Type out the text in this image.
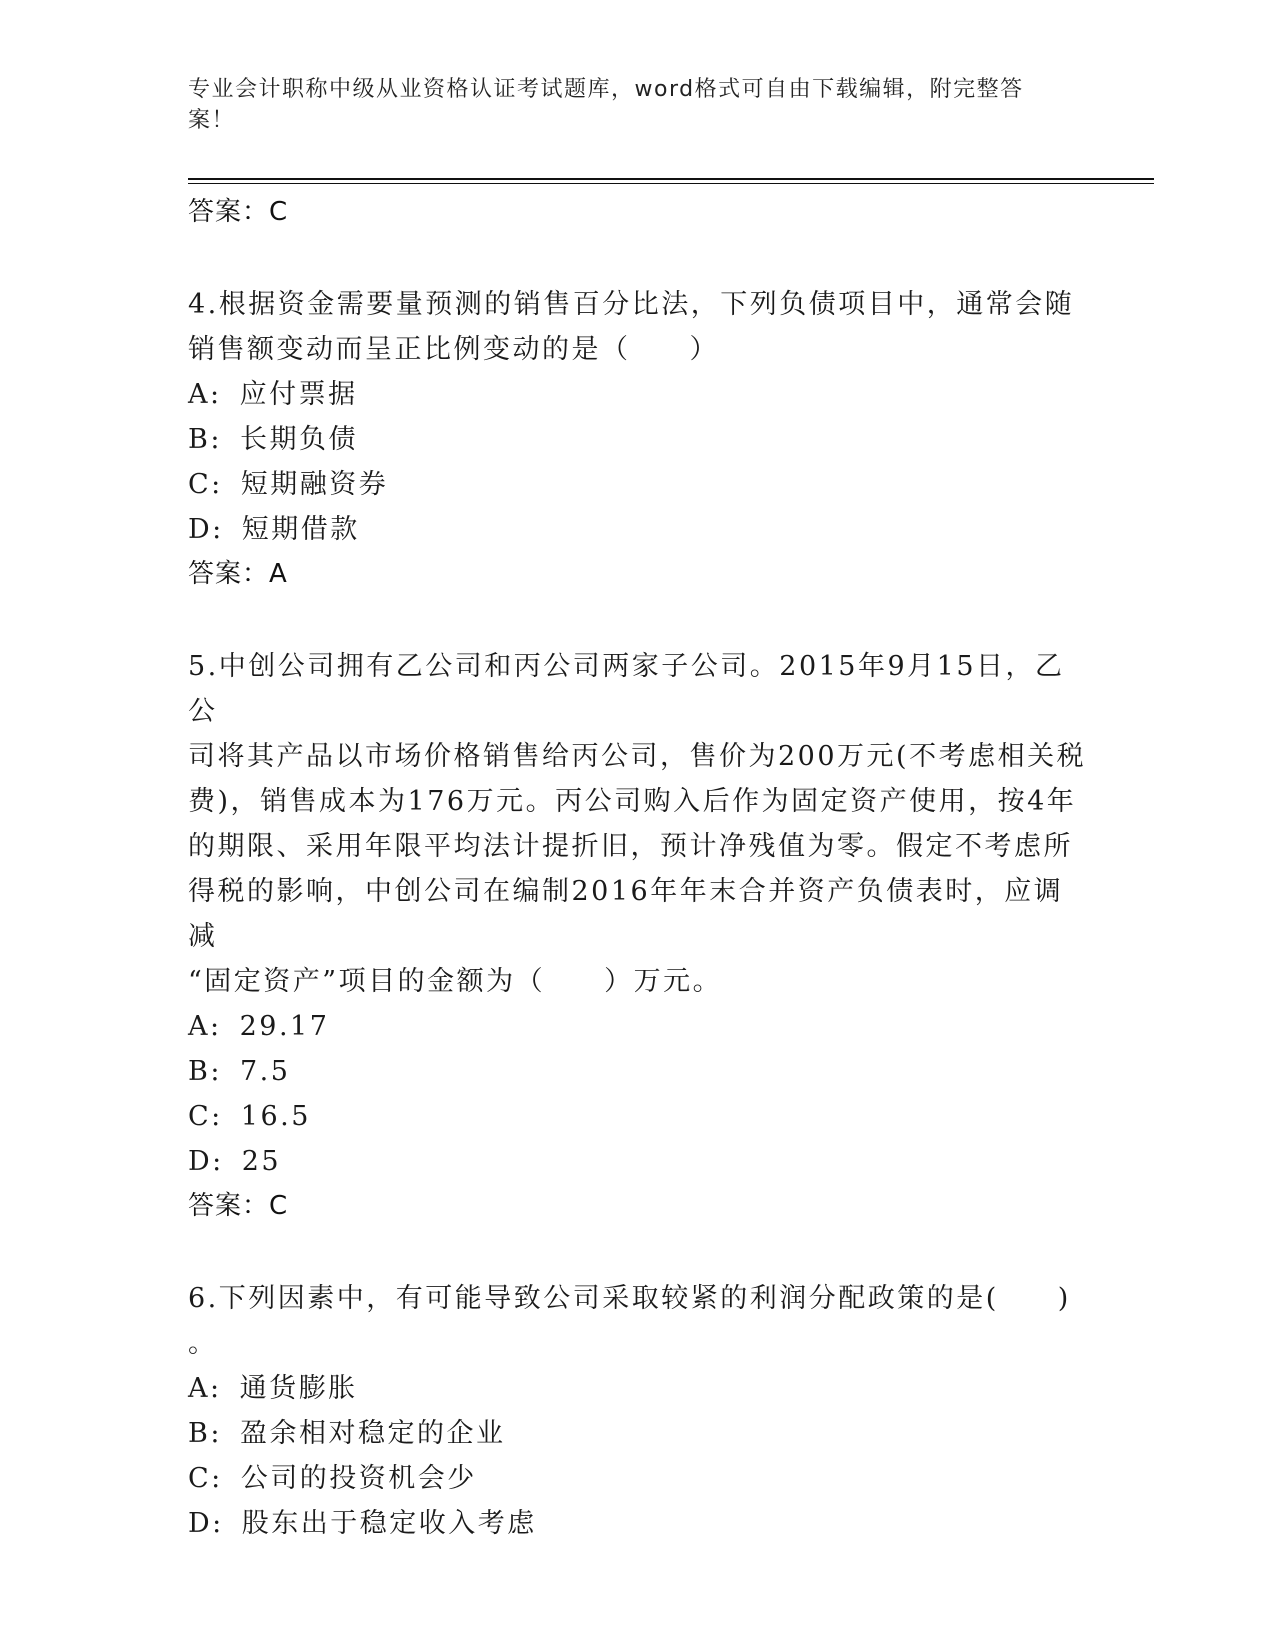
专业会计职称中级从业资格认证考试题库，word格式可自由下载编辑，附完整答
案！

答案：C

4.根据资金需要量预测的销售百分比法，下列负债项目中，通常会随
销售额变动而呈正比例变动的是（　　）
A: 应付票据
B: 长期负债
C: 短期融资券
D: 短期借款

答案：A

5.中创公司拥有乙公司和丙公司两家子公司。2015年9月15日，乙公
司将其产品以市场价格销售给丙公司，售价为200万元(不考虑相关税
费)，销售成本为176万元。丙公司购入后作为固定资产使用，按4年
的期限、采用年限平均法计提折旧，预计净残值为零。假定不考虑所
得税的影响，中创公司在编制2016年年末合并资产负债表时，应调减
“固定资产”项目的金额为（　　）万元。
A: 29.17
B: 7.5
C: 16.5
D: 25

答案：C

6.下列因素中，有可能导致公司采取较紧的利润分配政策的是(　　)
。
A: 通货膨胀
B: 盈余相对稳定的企业
C: 公司的投资机会少
D: 股东出于稳定收入考虑
